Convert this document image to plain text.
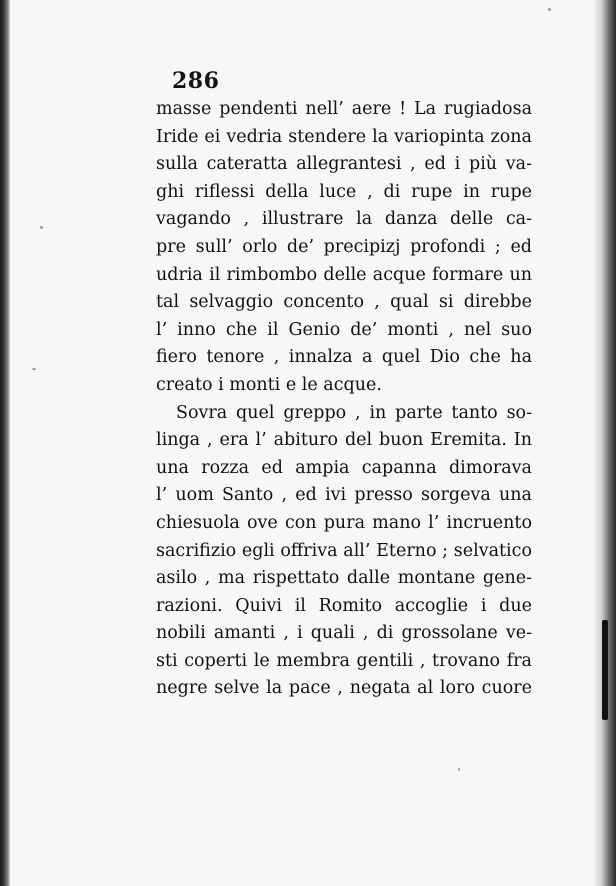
286
masse pendenti nell’ aere ! La rugiadosa
Iride ei vedria stendere la variopinta zona
sulla cateratta allegrantesi , ed i più va-
ghi riflessi della luce , di rupe in rupe
vagando , illustrare la danza delle ca-
pre sull’ orlo de’ precipizj profondi ; ed
udria il rimbombo delle acque formare un
tal selvaggio concento , qual si direbbe
l’ inno che il Genio de’ monti , nel suo
fiero tenore , innalza a quel Dio che ha
creato i monti e le acque.
Sovra quel greppo , in parte tanto so-
linga , era l’ abituro del buon Eremita. In
una rozza ed ampia capanna dimorava
l’ uom Santo , ed ivi presso sorgeva una
chiesuola ove con pura mano l’ incruento
sacrifizio egli offriva all’ Eterno ; selvatico
asilo , ma rispettato dalle montane gene-
razioni. Quivi il Romito accoglie i due
nobili amanti , i quali , di grossolane ve-
sti coperti le membra gentili , trovano fra
negre selve la pace , negata al loro cuore
